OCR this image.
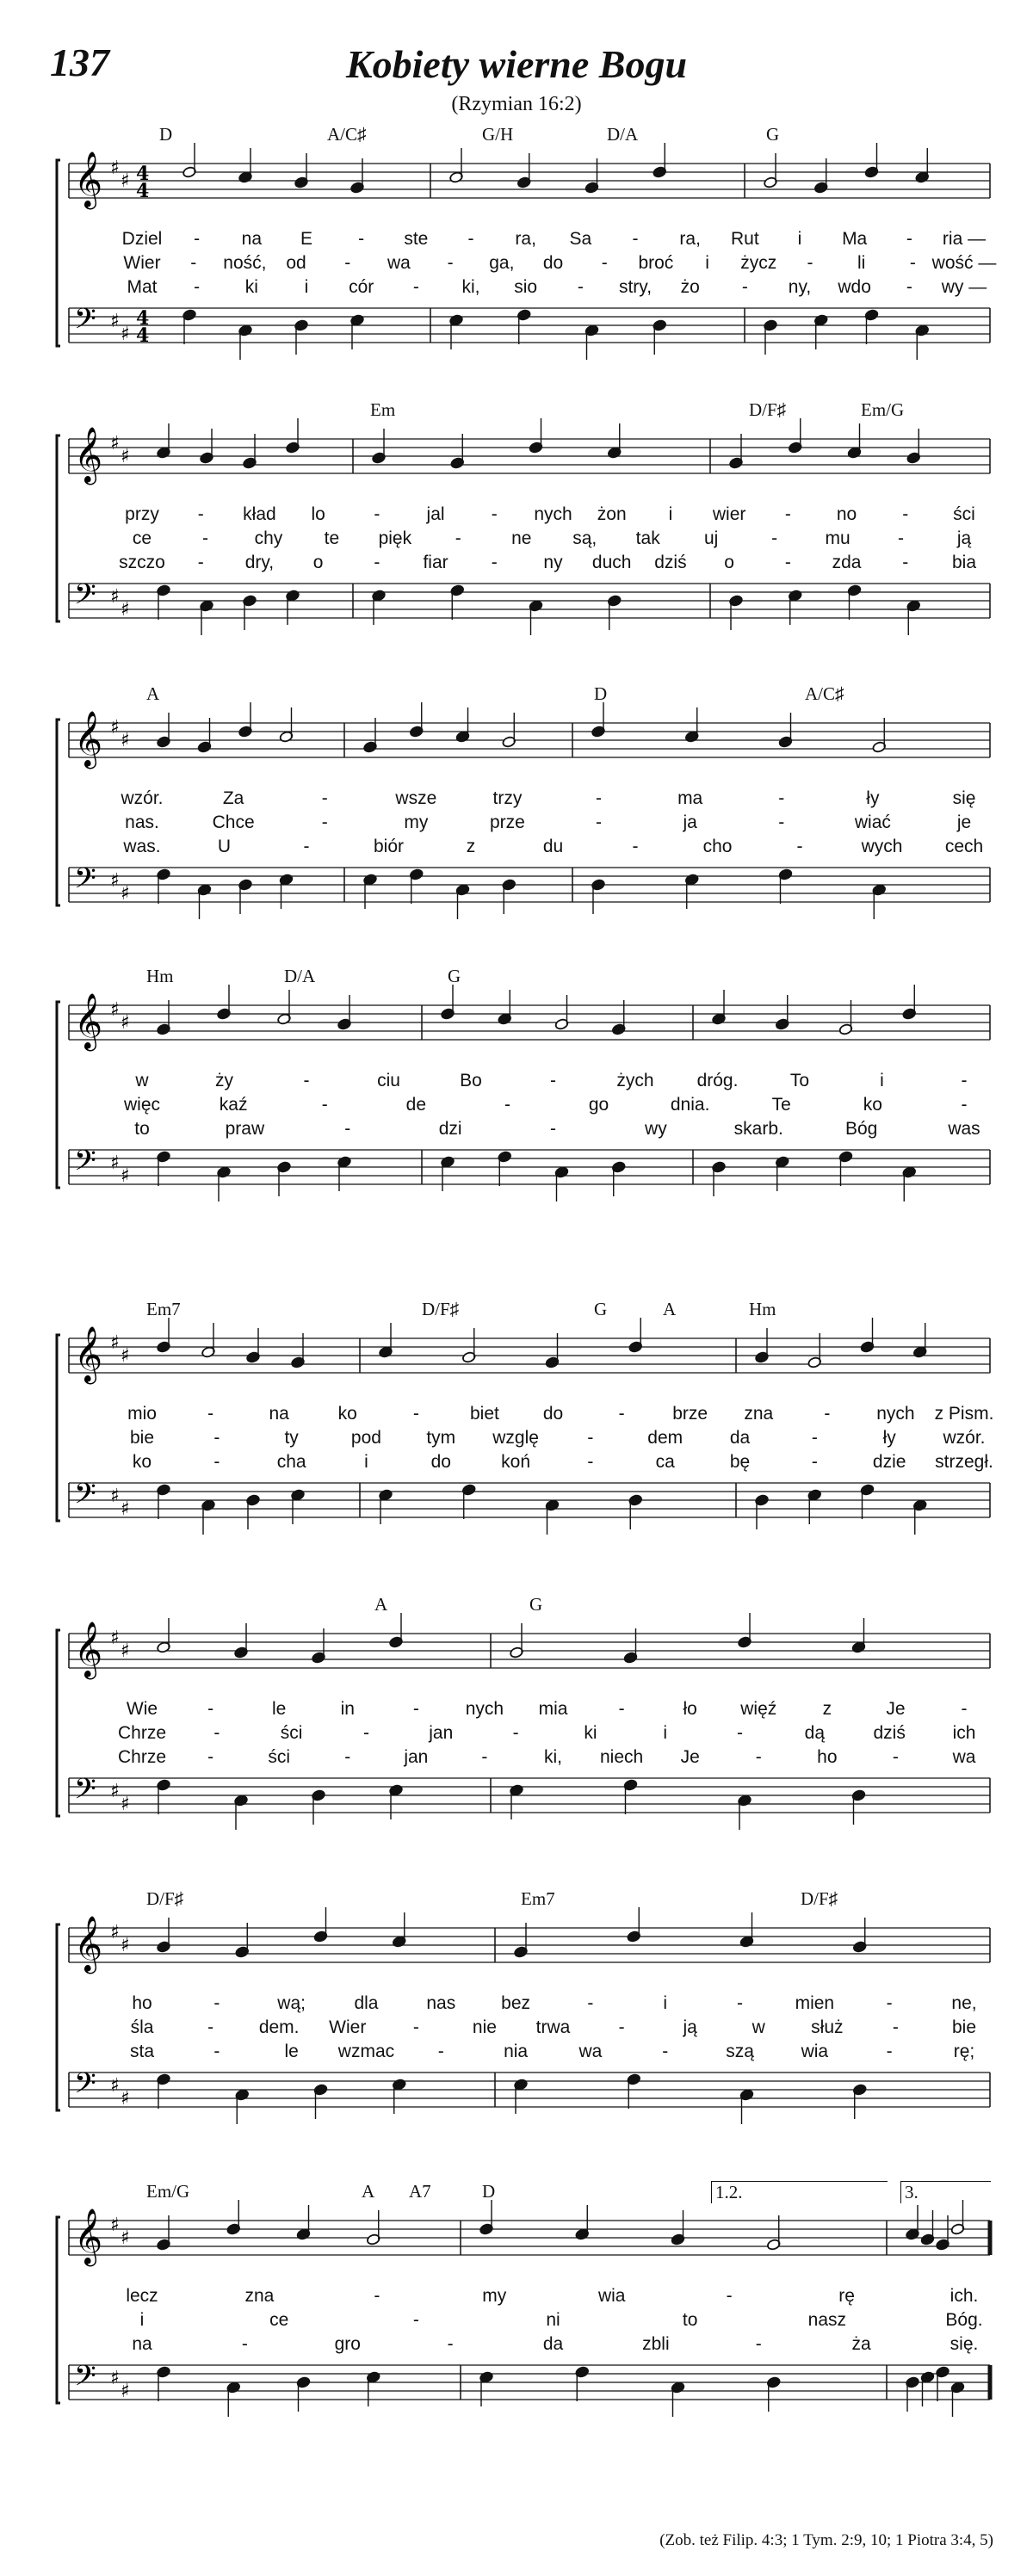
137	Kobiety wierne Bogu
(Rzymian 16:2)
𝄞 ♯
♯
𝄢 ♯
♯
4
4
4
4
D	A/C♯	G/H	D/A	G
Dziel - na E	- ste - ra, Sa - ra, Rut i Ma - ria —
Wier - ność, od - wa - ga, do - broć i życz - li - wość —
Mat -	ki	i cór - ki, sio - stry, żo - ny, wdo - wy —
𝄞 ♯
♯
𝄢 ♯
♯
Em	D/F♯	Em/G
przy - kład lo	-	jal	- nych żon i wier -	no	- ści
ce	-	chy te pięk -	ne są, tak uj	-	mu	-	ją
szczo - dry, o	- fiar -	ny duch dziś o	- zda - bia
𝄞 ♯
♯
𝄢 ♯
♯
A	D	A/C♯
wzór.	Za	-	wsze	trzy	-	ma	-	ły	się
nas.	Chce	-	my	prze	-	ja	-	wiać	je
was.	U	-	biór	z	du	-	cho	-	wych cech
𝄞 ♯
♯
𝄢 ♯
♯
Hm	D/A	G
w	ży	-	ciu	Bo	-	żych dróg.	To	i	-
więc	kaź	-	de	-	go	dnia.	Te	ko	-
to	praw	-	dzi	-	wy	skarb.	Bóg	was
𝄞 ♯
♯
𝄢 ♯
♯
Em7	D/F♯	G	A	Hm
mio	-	na	ko	-	biet do	-	brze zna	-	nych z Pism.
bie	-	ty	pod tym wzglę	-	dem	da	-	ły	wzór.
ko	-	cha	i	do	koń	-	ca	bę	-	dzie strzegł.
𝄞 ♯
♯
𝄢 ♯
♯
A	G
Wie	-	le	in	-	nych mia	-	ło więź	z	Je	-
Chrze	-	ści	-	jan	-	ki	i	-	dą	dziś	ich
Chrze -	ści	-	jan	-	ki, niech Je	-	ho	-	wa
𝄞 ♯
♯
𝄢 ♯
♯
D/F♯	Em7	D/F♯
ho	-	wą;	dla	nas	bez	-	i	-	mien	-	ne,
śla	-	dem. Wier	-	nie trwa	-	ją	w	służ	-	bie
sta	-	le wzmac -	nia	wa	-	szą	wia	-	rę;
𝄞 ♯
♯
𝄢 ♯
♯
Em/G	A A7	D	1.2.	3.
lecz	zna	-	my	wia	-	rę	ich.
i	ce	-	ni	to	nasz	Bóg.
na	-	gro	-	da	zbli	-	ża	się.
(Zob. też Filip. 4:3; 1 Tym. 2:9, 10; 1 Piotra 3:4, 5)
